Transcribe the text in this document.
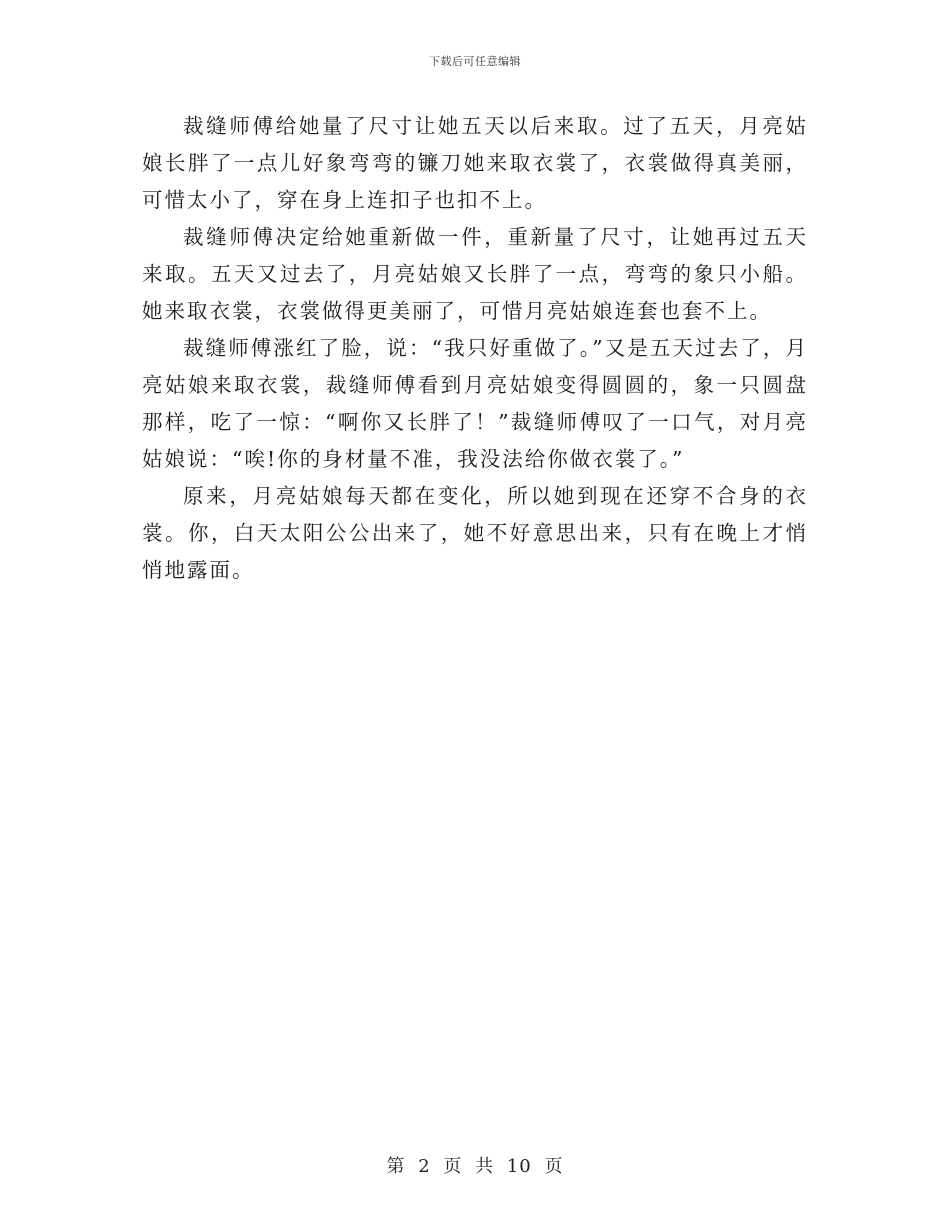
下载后可任意编辑

裁缝师傅给她量了尺寸让她五天以后来取。过了五天，月亮姑娘长胖了一点儿好象弯弯的镰刀她来取衣裳了，衣裳做得真美丽，可惜太小了，穿在身上连扣子也扣不上。

裁缝师傅决定给她重新做一件，重新量了尺寸，让她再过五天来取。五天又过去了，月亮姑娘又长胖了一点，弯弯的象只小船。她来取衣裳，衣裳做得更美丽了，可惜月亮姑娘连套也套不上。

裁缝师傅涨红了脸，说：“我只好重做了。”又是五天过去了，月亮姑娘来取衣裳，裁缝师傅看到月亮姑娘变得圆圆的，象一只圆盘那样，吃了一惊：“啊你又长胖了！”裁缝师傅叹了一口气，对月亮姑娘说：“唉!你的身材量不准，我没法给你做衣裳了。”

原来，月亮姑娘每天都在变化，所以她到现在还穿不合身的衣裳。你，白天太阳公公出来了，她不好意思出来，只有在晚上才悄悄地露面。

第 2 页 共 10 页
